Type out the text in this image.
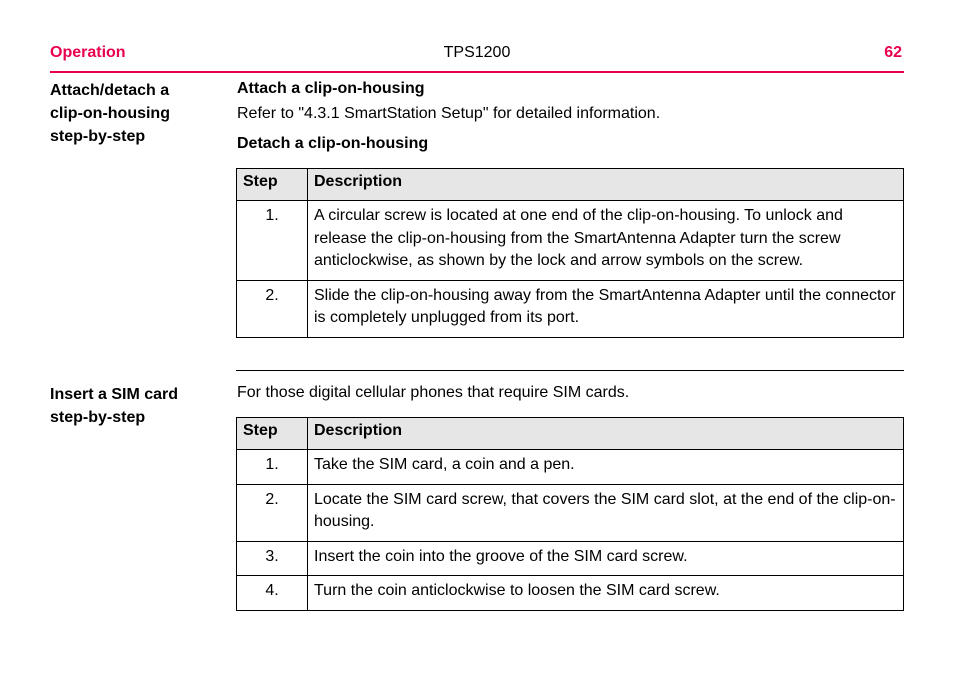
Operation	TPS1200	62
Attach/detach a
clip-on-housing
step-by-step
Attach a clip-on-housing
Refer to "4.3.1 SmartStation Setup" for detailed information.
Detach a clip-on-housing
Step	Description
1.	A circular screw is located at one end of the clip-on-housing. To unlock and release the clip-on-housing from the SmartAntenna Adapter turn the screw anticlockwise, as shown by the lock and arrow symbols on the screw.
2.	Slide the clip-on-housing away from the SmartAntenna Adapter until the connector is completely unplugged from its port.
Insert a SIM card
step-by-step
For those digital cellular phones that require SIM cards.
Step	Description
1.	Take the SIM card, a coin and a pen.
2.	Locate the SIM card screw, that covers the SIM card slot, at the end of the clip-on-housing.
3.	Insert the coin into the groove of the SIM card screw.
4.	Turn the coin anticlockwise to loosen the SIM card screw.
